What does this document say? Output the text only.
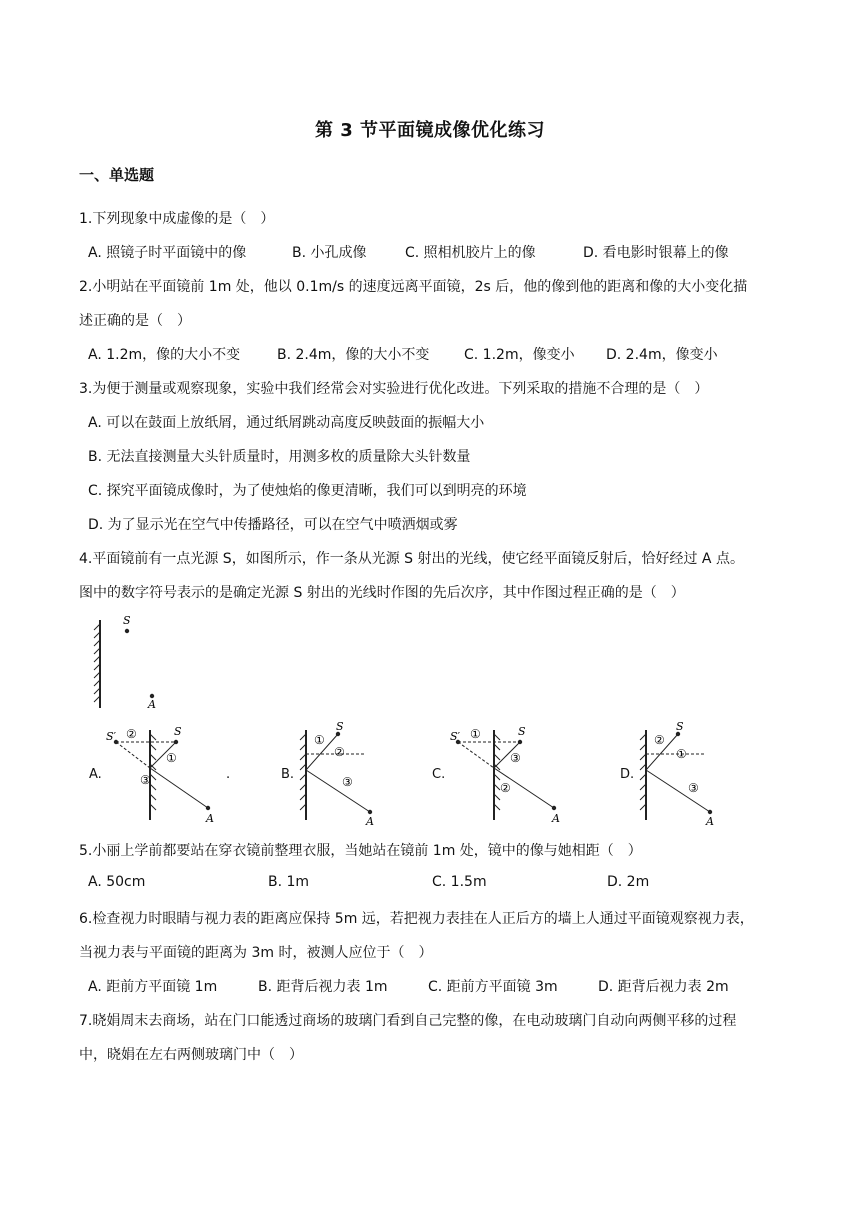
第 3 节平面镜成像优化练习
一、单选题
1.下列现象中成虚像的是（　）
A. 照镜子时平面镜中的像	B. 小孔成像	C. 照相机胶片上的像	D. 看电影时银幕上的像
2.小明站在平面镜前 1m 处，他以 0.1m/s 的速度远离平面镜，2s 后，他的像到他的距离和像的大小变化描
述正确的是（　）
A. 1.2m，像的大小不变	B. 2.4m，像的大小不变 C. 1.2m，像变小 D. 2.4m，像变小
3.为便于测量或观察现象，实验中我们经常会对实验进行优化改进。下列采取的措施不合理的是（　）
A. 可以在鼓面上放纸屑，通过纸屑跳动高度反映鼓面的振幅大小
B. 无法直接测量大头针质量时，用测多枚的质量除大头针数量
C. 探究平面镜成像时，为了使烛焰的像更清晰，我们可以到明亮的环境
D. 为了显示光在空气中传播路径，可以在空气中喷洒烟或雾
4.平面镜前有一点光源 S，如图所示，作一条从光源 S 射出的光线，使它经平面镜反射后，恰好经过 A 点。
图中的数字符号表示的是确定光源 S 射出的光线时作图的先后次序，其中作图过程正确的是（　）
S
A
A.
S′	S
A
②
①
③	.	B.
S
A
①
②
③	C.
S′	S
A
①
③
②
D.
S
A
②
①
③
5.小丽上学前都要站在穿衣镜前整理衣服，当她站在镜前 1m 处，镜中的像与她相距（　）
A. 50cm	B. 1m	C. 1.5m	D. 2m
6.检查视力时眼睛与视力表的距离应保持 5m 远，若把视力表挂在人正后方的墙上人通过平面镜观察视力表，
当视力表与平面镜的距离为 3m 时，被测人应位于（　）
A. 距前方平面镜 1m	B. 距背后视力表 1m	C. 距前方平面镜 3m	D. 距背后视力表 2m
7.晓娟周末去商场，站在门口能透过商场的玻璃门看到自己完整的像，在电动玻璃门自动向两侧平移的过程
中，晓娟在左右两侧玻璃门中（　）
